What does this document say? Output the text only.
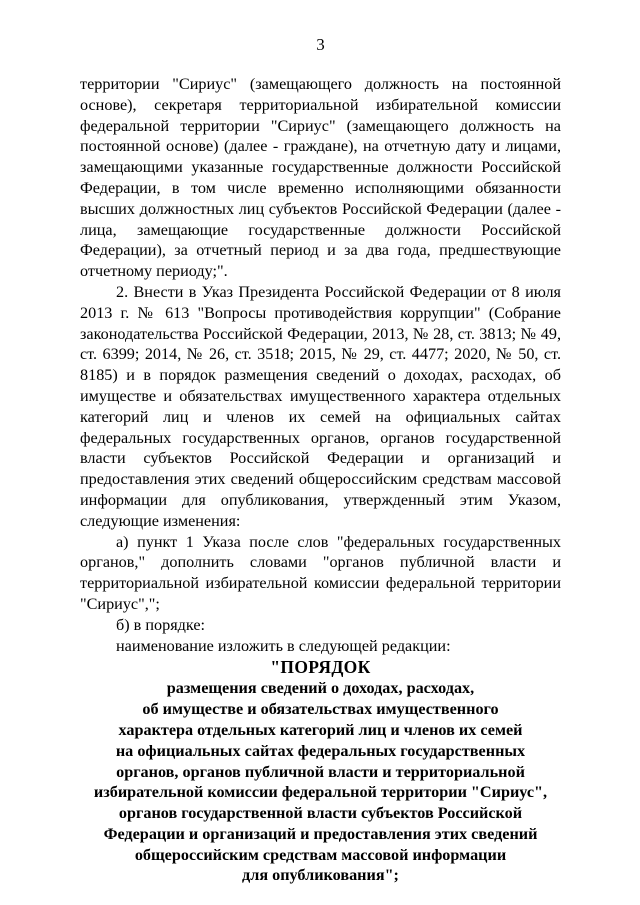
3

территории "Сириус" (замещающего должность на постоянной основе), секретаря территориальной избирательной комиссии федеральной территории "Сириус" (замещающего должность на постоянной основе) (далее - граждане), на отчетную дату и лицами, замещающими указанные государственные должности Российской Федерации, в том числе временно исполняющими обязанности высших должностных лиц субъектов Российской Федерации (далее - лица, замещающие государственные должности Российской Федерации), за отчетный период и за два года, предшествующие отчетному периоду;".

2. Внести в Указ Президента Российской Федерации от 8 июля 2013 г. № 613 "Вопросы противодействия коррупции" (Собрание законодательства Российской Федерации, 2013, № 28, ст. 3813; № 49, ст. 6399; 2014, № 26, ст. 3518; 2015, № 29, ст. 4477; 2020, № 50, ст. 8185) и в порядок размещения сведений о доходах, расходах, об имуществе и обязательствах имущественного характера отдельных категорий лиц и членов их семей на официальных сайтах федеральных государственных органов, органов государственной власти субъектов Российской Федерации и организаций и предоставления этих сведений общероссийским средствам массовой информации для опубликования, утвержденный этим Указом, следующие изменения:

а) пункт 1 Указа после слов "федеральных государственных органов," дополнить словами "органов публичной власти и территориальной избирательной комиссии федеральной территории "Сириус",";

б) в порядке:

наименование изложить в следующей редакции:

"ПОРЯДОК
размещения сведений о доходах, расходах,
об имуществе и обязательствах имущественного
характера отдельных категорий лиц и членов их семей
на официальных сайтах федеральных государственных
органов, органов публичной власти и территориальной
избирательной комиссии федеральной территории "Сириус",
органов государственной власти субъектов Российской
Федерации и организаций и предоставления этих сведений
общероссийским средствам массовой информации
для опубликования";
